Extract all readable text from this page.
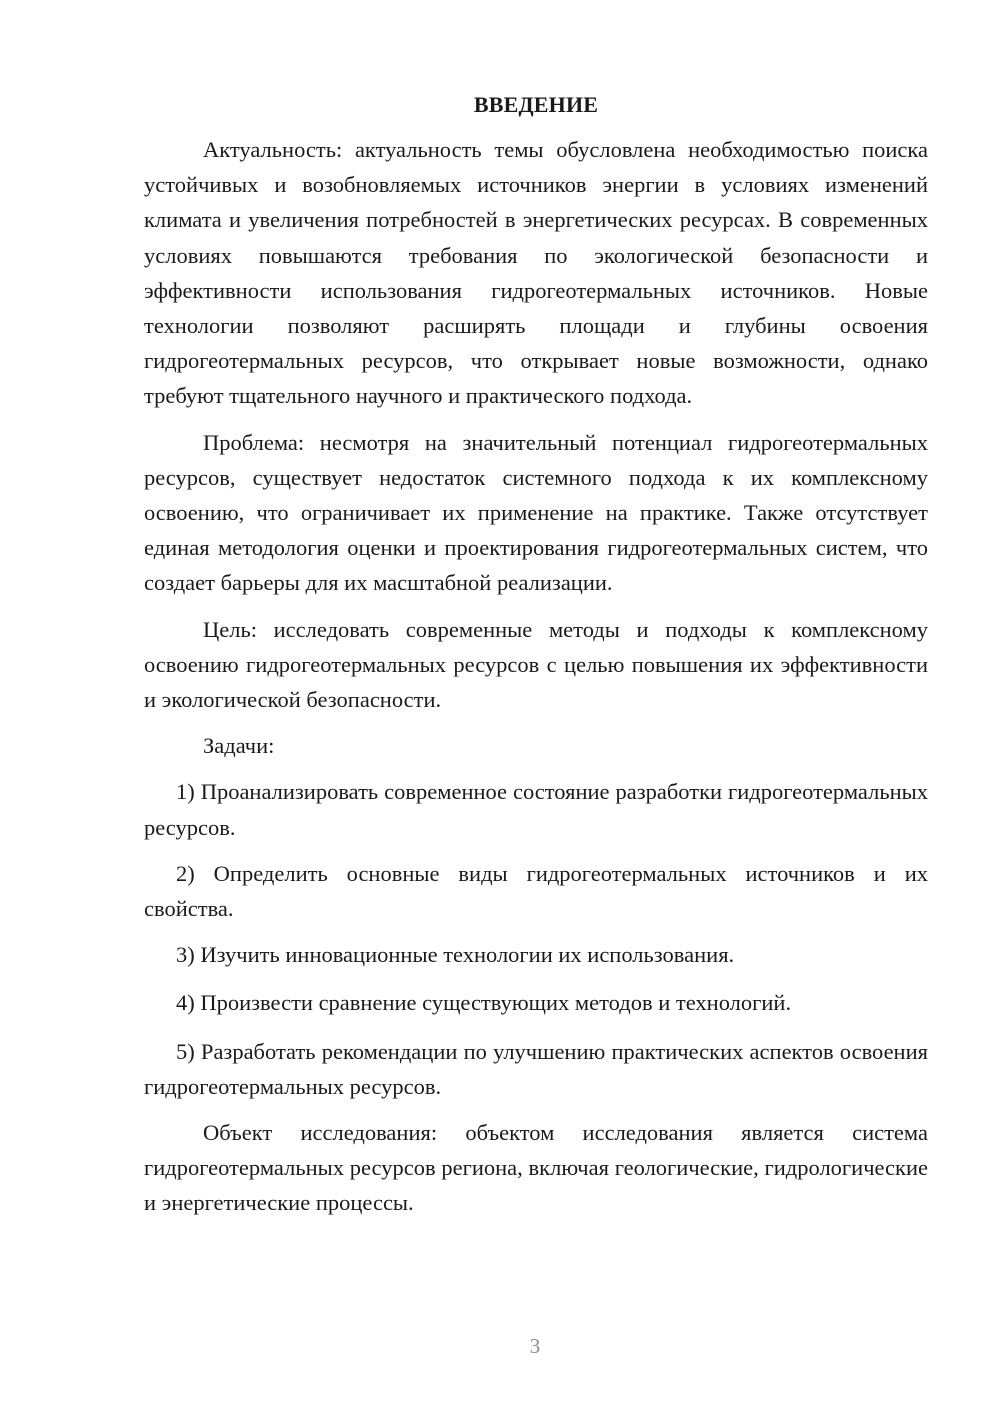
ВВЕДЕНИЕ

Актуальность: актуальность темы обусловлена необходимостью поиска устойчивых и возобновляемых источников энергии в условиях изменений климата и увеличения потребностей в энергетических ресурсах. В современных условиях повышаются требования по экологической безопасности и эффективности использования гидрогеотермальных источников. Новые технологии позволяют расширять площади и глубины освоения гидрогеотермальных ресурсов, что открывает новые возможности, однако требуют тщательного научного и практического подхода.

Проблема: несмотря на значительный потенциал гидрогеотермальных ресурсов, существует недостаток системного подхода к их комплексному освоению, что ограничивает их применение на практике. Также отсутствует единая методология оценки и проектирования гидрогеотермальных систем, что создает барьеры для их масштабной реализации.

Цель: исследовать современные методы и подходы к комплексному освоению гидрогеотермальных ресурсов с целью повышения их эффективности и экологической безопасности.

Задачи:

1) Проанализировать современное состояние разработки гидрогеотермальных ресурсов.

2) Определить основные виды гидрогеотермальных источников и их свойства.

3) Изучить инновационные технологии их использования.

4) Произвести сравнение существующих методов и технологий.

5) Разработать рекомендации по улучшению практических аспектов освоения гидрогеотермальных ресурсов.

Объект исследования: объектом исследования является система гидрогеотермальных ресурсов региона, включая геологические, гидрологические и энергетические процессы.

3
